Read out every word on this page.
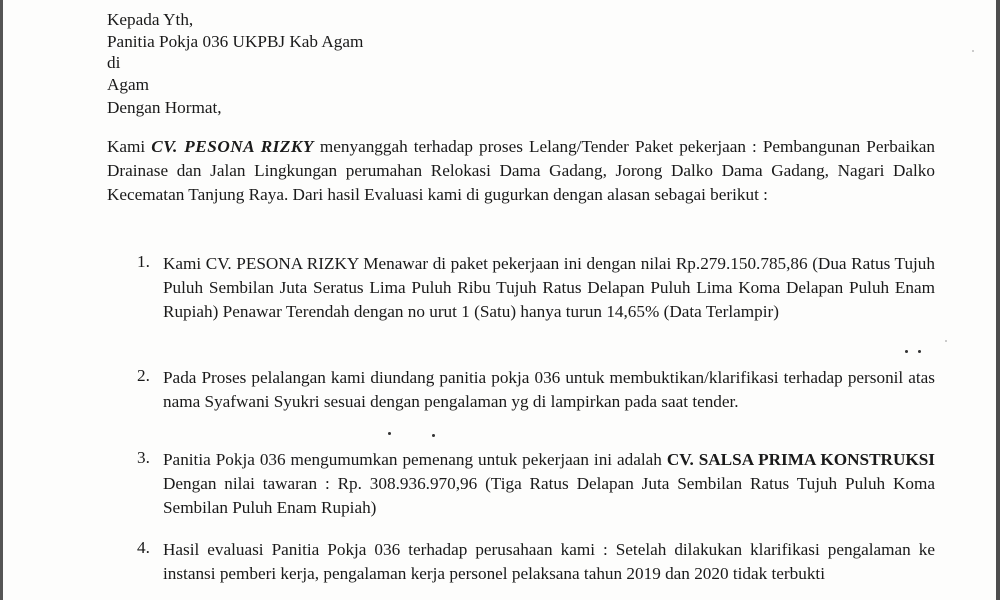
Kepada Yth,
Panitia Pokja 036 UKPBJ Kab Agam
di
Agam
Dengan Hormat,
Kami CV. PESONA RIZKY menyanggah terhadap proses Lelang/Tender Paket pekerjaan : Pembangunan Perbaikan Drainase dan Jalan Lingkungan perumahan Relokasi Dama Gadang, Jorong Dalko Dama Gadang, Nagari Dalko Kecematan Tanjung Raya. Dari hasil Evaluasi kami di gugurkan dengan alasan sebagai berikut :
1. Kami CV. PESONA RIZKY Menawar di paket pekerjaan ini dengan nilai Rp.279.150.785,86 (Dua Ratus Tujuh Puluh Sembilan Juta Seratus Lima Puluh Ribu Tujuh Ratus Delapan Puluh Lima Koma Delapan Puluh Enam Rupiah) Penawar Terendah dengan no urut 1 (Satu) hanya turun 14,65% (Data Terlampir)
2. Pada Proses pelalangan kami diundang panitia pokja 036 untuk membuktikan/klarifikasi terhadap personil atas nama Syafwani Syukri sesuai dengan pengalaman yg di lampirkan pada saat tender.
3. Panitia Pokja 036 mengumumkan pemenang untuk pekerjaan ini adalah CV. SALSA PRIMA KONSTRUKSI Dengan nilai tawaran : Rp. 308.936.970,96 (Tiga Ratus Delapan Juta Sembilan Ratus Tujuh Puluh Koma Sembilan Puluh Enam Rupiah)
4. Hasil evaluasi Panitia Pokja 036 terhadap perusahaan kami : Setelah dilakukan klarifikasi pengalaman ke instansi pemberi kerja, pengalaman kerja personel pelaksana tahun 2019 dan 2020 tidak terbukti
